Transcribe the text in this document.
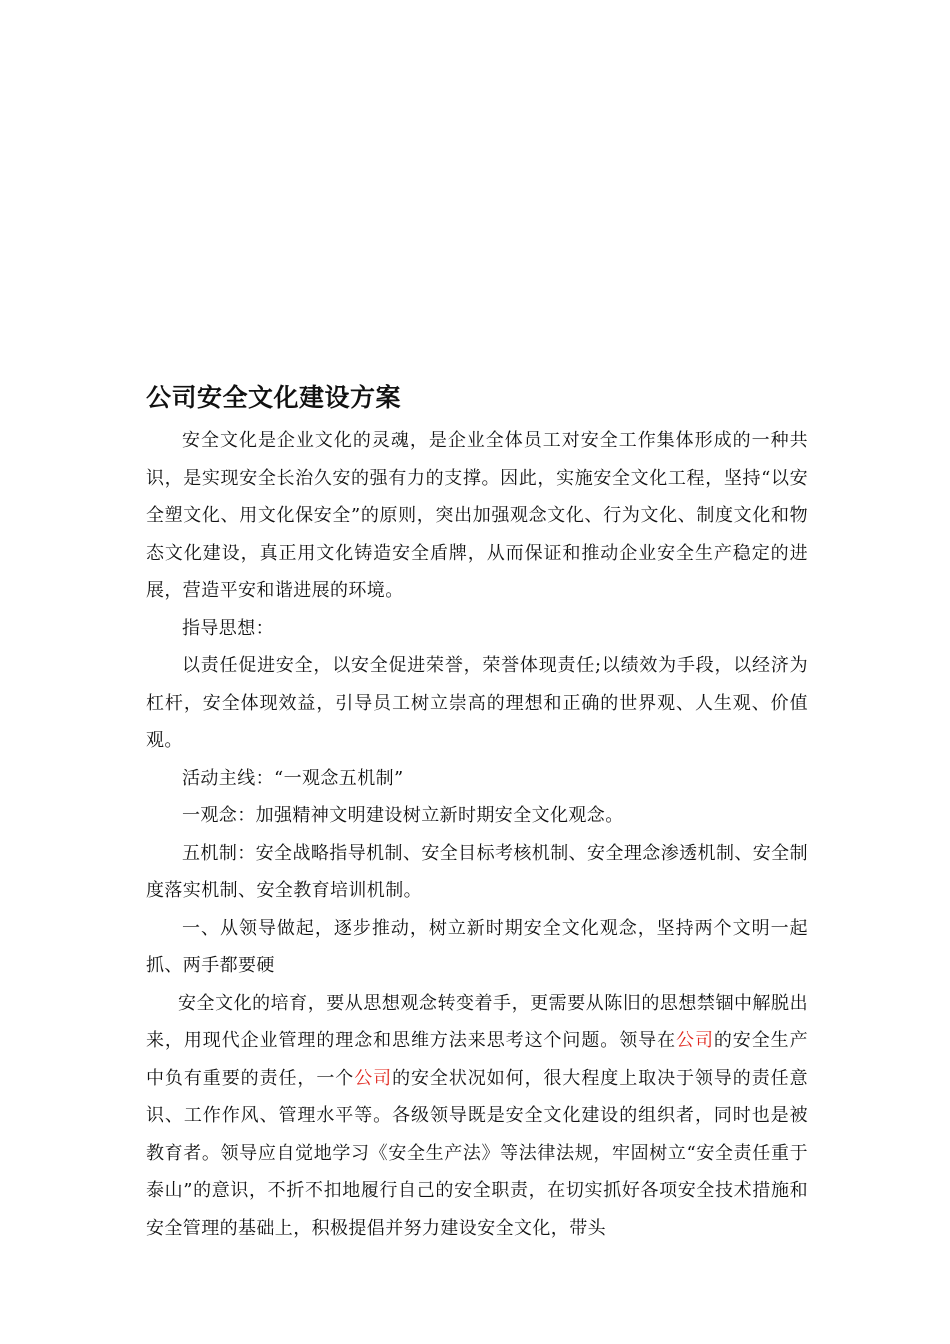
公司安全文化建设方案

安全文化是企业文化的灵魂，是企业全体员工对安全工作集体形成的一种共识，是实现安全长治久安的强有力的支撑。因此，实施安全文化工程，坚持“以安全塑文化、用文化保安全”的原则，突出加强观念文化、行为文化、制度文化和物态文化建设，真正用文化铸造安全盾牌，从而保证和推动企业安全生产稳定的进展，营造平安和谐进展的环境。

指导思想：

以责任促进安全，以安全促进荣誉，荣誉体现责任;以绩效为手段，以经济为杠杆，安全体现效益，引导员工树立崇高的理想和正确的世界观、人生观、价值观。

活动主线：“一观念五机制”

一观念：加强精神文明建设树立新时期安全文化观念。

五机制：安全战略指导机制、安全目标考核机制、安全理念渗透机制、安全制度落实机制、安全教育培训机制。

一、从领导做起，逐步推动，树立新时期安全文化观念，坚持两个文明一起抓、两手都要硬

安全文化的培育，要从思想观念转变着手，更需要从陈旧的思想禁锢中解脱出来，用现代企业管理的理念和思维方法来思考这个问题。领导在公司的安全生产中负有重要的责任，一个公司的安全状况如何，很大程度上取决于领导的责任意识、工作作风、管理水平等。各级领导既是安全文化建设的组织者，同时也是被教育者。领导应自觉地学习《安全生产法》等法律法规，牢固树立“安全责任重于泰山”的意识，不折不扣地履行自己的安全职责，在切实抓好各项安全技术措施和安全管理的基础上，积极提倡并努力建设安全文化，带头
